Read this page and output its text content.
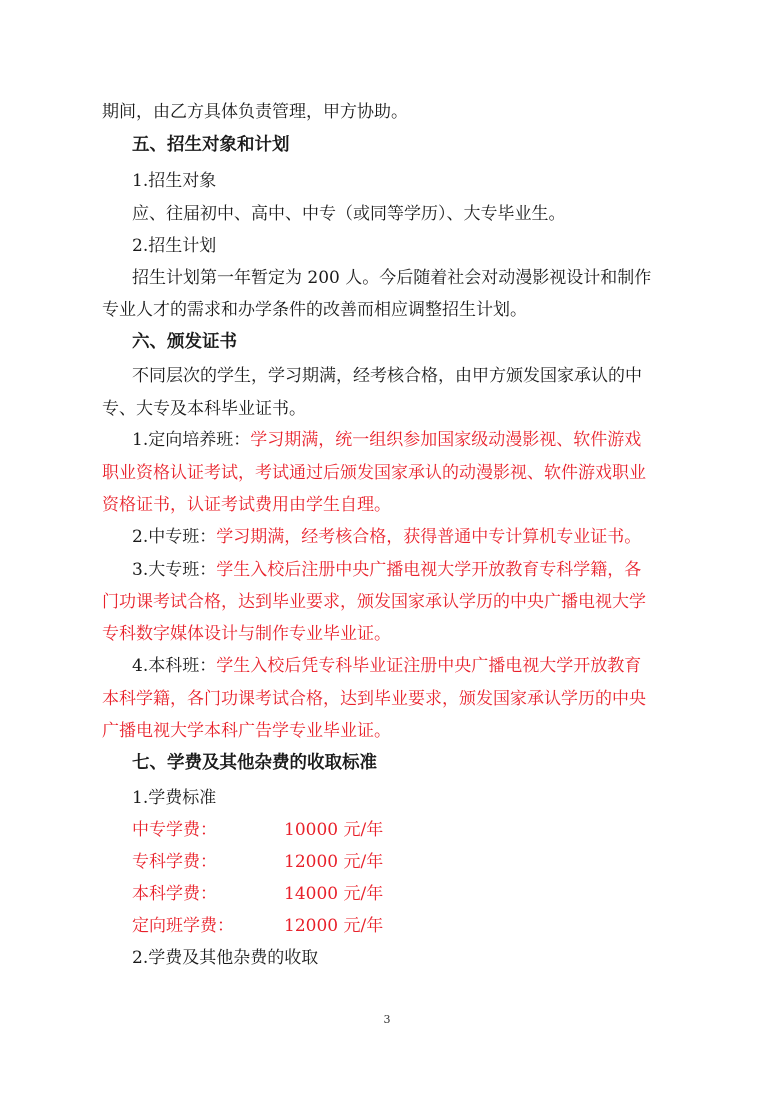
期间，由乙方具体负责管理，甲方协助。
五、招生对象和计划
1.招生对象
应、往届初中、高中、中专（或同等学历）、大专毕业生。
2.招生计划
招生计划第一年暂定为 200 人。今后随着社会对动漫影视设计和制作
专业人才的需求和办学条件的改善而相应调整招生计划。
六、颁发证书
不同层次的学生，学习期满，经考核合格，由甲方颁发国家承认的中
专、大专及本科毕业证书。
1.定向培养班：学习期满，统一组织参加国家级动漫影视、软件游戏
职业资格认证考试，考试通过后颁发国家承认的动漫影视、软件游戏职业
资格证书，认证考试费用由学生自理。
2.中专班：学习期满，经考核合格，获得普通中专计算机专业证书。
3.大专班：学生入校后注册中央广播电视大学开放教育专科学籍，各
门功课考试合格，达到毕业要求，颁发国家承认学历的中央广播电视大学
专科数字媒体设计与制作专业毕业证。
4.本科班：学生入校后凭专科毕业证注册中央广播电视大学开放教育
本科学籍，各门功课考试合格，达到毕业要求，颁发国家承认学历的中央
广播电视大学本科广告学专业毕业证。
七、学费及其他杂费的收取标准
1.学费标准
中专学费：	10000 元/年
专科学费：	12000 元/年
本科学费：	14000 元/年
定向班学费：	12000 元/年
2.学费及其他杂费的收取
3
